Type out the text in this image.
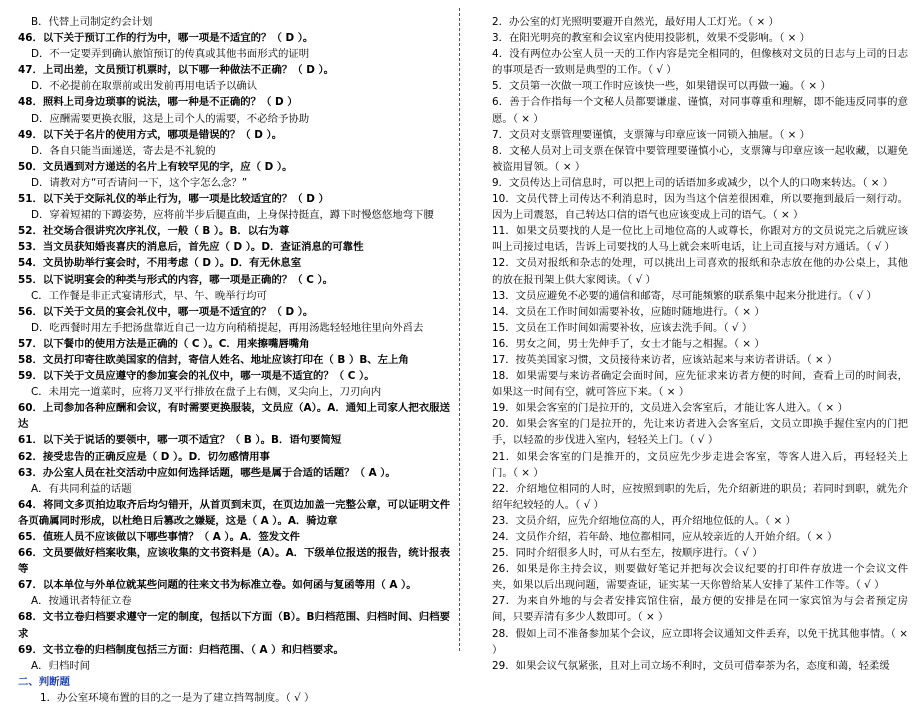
B．代替上司制定约会计划
46．以下关于预订工作的行为中，哪一项是不适宜的？（ D ）。
D．不一定要弄到确认旅馆预订的传真或其他书面形式的证明
47．上司出差，文员预订机票时，以下哪一种做法不正确？（ D ）。
D．不必提前在取票前或出发前再用电话予以确认
48．照料上司身边琐事的说法，哪一种是不正确的？（ D ）
D．应酬需要更换衣服，这是上司个人的需要，不必给予协助
49．以下关于名片的使用方式，哪项是错误的？（ D ）。
D．各自只能当面递送，寄去是不礼貌的
50．文员遇到对方递送的名片上有较罕见的字，应（ D ）。
D．请教对方“可否请问一下，这个字怎么念？”
51．以下关于交际礼仪的举止行为，哪一项是比较适宜的？（ D ）
D．穿着短裙的下蹲姿势，应将前半步后腿直曲，上身保持挺直，蹲下时慢悠悠地弯下腰
52．社交场合很讲究次序礼仪，一般（ B ）。B．以右为尊
53．当文员获知婚丧喜庆的消息后，首先应（ D ）。D．查证消息的可靠性
54．文员协助举行宴会时，不用考虑（ D ）。D．有无休息室
55．以下说明宴会的种类与形式的内容，哪一项是正确的？（ C ）。
C．工作餐是非正式宴请形式，早、午、晚举行均可
56．以下关于文员的宴会礼仪中，哪一项是不适宜的？（ D ）。
D．吃西餐时用左手把汤盘靠近自己一边方向稍稍提起，再用汤匙轻轻地往里向外舀去
57．以下餐巾的使用方法是正确的（ C ）。C．用来擦嘴唇嘴角
58．文员打印寄往欧美国家的信封，寄信人姓名、地址应该打印在（ B ）B、左上角
59．以下关于文员应遵守的参加宴会的礼仪中，哪一项是不适宜的？（ C ）。
C．未用完一道菜时，应将刀叉平行排放在盘子上右侧，叉尖向上，刀刃向内
60．上司参加各种应酬和会议，有时需要更换服装，文员应（A）。A．通知上司家人把衣服送达
61．以下关于说话的要领中，哪一项不适宜？（ B ）。B．语句要简短
62．接受忠告的正确反应是（ D ）。D．切勿感情用事
63．办公室人员在社交活动中应如何选择话题，哪些是属于合适的话题？（ A ）。
A．有共同利益的话题
64．将同文多页拍边取齐后均匀错开，从首页到末页，在页边加盖一完整公章，可以证明文件各页确属同时形成，以杜绝日后篡改之嫌疑，这是（ A ）。A．骑边章
65．值班人员不应该做以下哪些事情？（ A ）。A．签发文件
66．文员要做好档案收集，应该收集的文书资料是（A）。A．下级单位报送的报告，统计报表等
67．以本单位与外单位就某些问题的往来文书为标准立卷。如何函与复函等用（ A ）。
A．按通讯者特征立卷
68．文书立卷归档要求遵守一定的制度，包括以下方面（B）。B归档范围、归档时间、归档要求
69．文书立卷的归档制度包括三方面：归档范围、（ A ）和归档要求。
A．归档时间
二、判断题
1．办公室环境布置的目的之一是为了建立挡驾制度。（ √ ）
2．办公室的灯光照明要避开自然光，最好用人工灯光。（ × ）
3．在阳光明亮的教室和会议室内使用投影机，效果不受影响。（ × ）
4．没有两位办公室人员一天的工作内容是完全相同的，但像核对文员的日志与上司的日志的事项是否一致则是典型的工作。（ √ ）
5．文员第一次做一项工作时应该快一些，如果错误可以再做一遍。（ × ）
6．善于合作指每一个文秘人员都要谦虚、谨慎，对同事尊重和理解，即不能违反同事的意愿。（ × ）
7．文员对支票管理要谨慎，支票簿与印章应该一同锁入抽屉。（ × ）
8．文秘人员对上司支票在保管中要管理要谨慎小心，支票簿与印章应该一起收藏，以避免被盗用冒领。（ × ）
9．文员传达上司信息时，可以把上司的话语加多或减少，以个人的口吻来转达。（ × ）
10．文员代替上司传达不利消息时，因为当这个信差很困难，所以要拖到最后一刻行动。因为上司震怒，自己转达口信的语气也应该变成上司的语气。（ × ）
11．如果文员要找的人是一位比上司地位高的人或尊长，你跟对方的文员说完之后就应该叫上司接过电话，告诉上司要找的人马上就会来听电话，让上司直接与对方通话。（ √ ）
12．文员对报纸和杂志的处理，可以挑出上司喜欢的报纸和杂志放在他的办公桌上，其他的放在报刊架上供大家阅读。（ √ ）
13．文员应避免不必要的通信和邮寄，尽可能频繁的联系集中起来分批进行。（ √ ）
14．文员在工作时间如需要补妆，应随时随地进行。（ × ）
15．文员在工作时间如需要补妆，应该去洗手间。（ √ ）
16．男女之间，男士先伸手了，女士才能与之相握。（ × ）
17．按英美国家习惯，文员接待来访者，应该站起来与来访者讲话。（ × ）
18．如果需要与来访者确定会面时间，应先征求来访者方便的时间，查看上司的时间表，如果这一时间有空，就可答应下来。（ × ）
19．如果会客室的门是拉开的，文员进入会客室后，才能让客人进入。（ × ）
20．如果会客室的门是拉开的，先让来访者进入会客室后，文员立即换手握住室内的门把手，以轻盈的步伐进入室内，轻轻关上门。（ √ ）
21．如果会客室的门是推开的，文员应先少步走进会客室，等客人进入后，再轻轻关上门。（ × ）
22．介绍地位相同的人时，应按照到职的先后，先介绍新进的职员；若同时到职，就先介绍年纪较轻的人。（ √ ）
23．文员介绍，应先介绍地位高的人，再介绍地位低的人。（ × ）
24．文员作介绍，若年龄、地位都相同，应从较亲近的人开始介绍。（ × ）
25．同时介绍很多人时，可从右至左，按顺序进行。（ √ ）
26．如果是你主持会议，则要做好笔记并把每次会议纪要的打印件存放进一个会议文件夹，如果以后出现问题，需要查证，证实某一天你曾给某人安排了某件工作等。（ √ ）
27．为来自外地的与会者安排宾馆住宿，最方便的安排是在同一家宾馆为与会者预定房间，只要弄清有多少人数即可。（ × ）
28．假如上司不准备参加某个会议，应立即将会议通知文件丢弃，以免干扰其他事情。（ × ）
29．如果会议气氛紧张，且对上司立场不利时，文员可借奉茶为名，态度和蔼，轻柔缓
